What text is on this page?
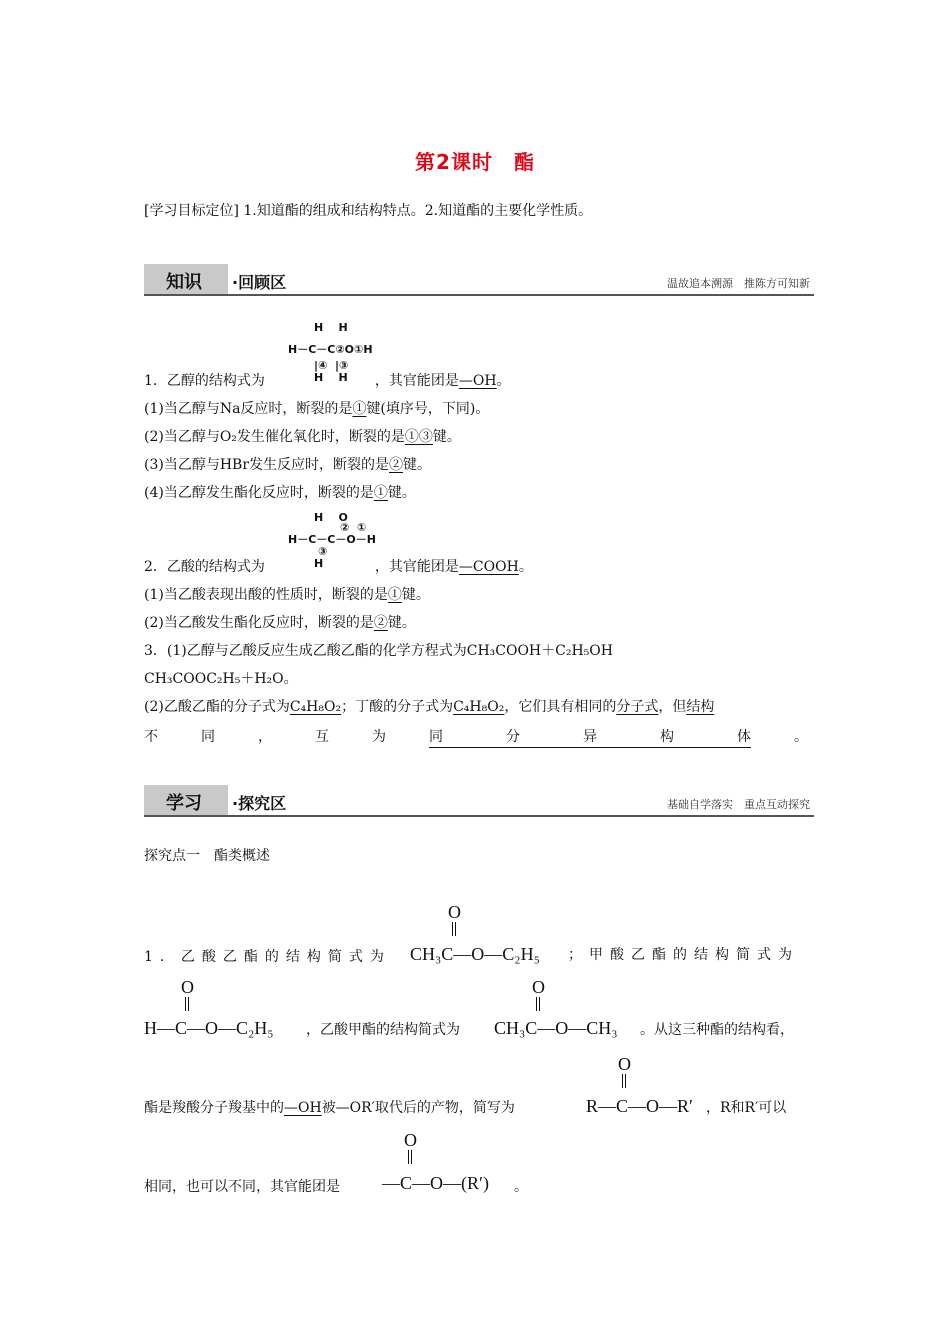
第2课时　酯
[学习目标定位] 1.知道酯的组成和结构特点。2.知道酯的主要化学性质。
知识 ·回顾区	温故追本溯源　推陈方可知新
H    H
H－C－C②O①H
|④  |③
H    H
1．乙醇的结构式为	，其官能团是—OH。
(1)当乙醇与Na反应时，断裂的是①键(填序号，下同)。
(2)当乙醇与O₂发生催化氧化时，断裂的是①③键。
(3)当乙醇与HBr发生反应时，断裂的是②键。
(4)当乙醇发生酯化反应时，断裂的是①键。
H    O
②  ①
H－C－C－O－H
③
H
2．乙酸的结构式为	，其官能团是—COOH。
(1)当乙酸表现出酸的性质时，断裂的是①键。
(2)当乙酸发生酯化反应时，断裂的是②键。
3．(1)乙醇与乙酸反应生成乙酸乙酯的化学方程式为CH₃COOH＋C₂H₅OH
CH₃COOC₂H₅＋H₂O。
(2)乙酸乙酯的分子式为C₄H₈O₂；丁酸的分子式为C₄H₈O₂，它们具有相同的分子式，但结构
不	同	，	互	为	同	分	异	构	体	。
学习 ·探究区	基础自学落实　重点互动探究
探究点一　酯类概述
1．乙酸乙酯的结构简式为 CH₃C—O—C₂H₅
O
；甲酸乙酯的结构简式为
O
H—C—O—C₂H₅ ，乙酸甲酯的结构简式为
O
CH₃C—O—CH₃ 。从这三种酯的结构看，
酯是羧酸分子羧基中的—OH被—OR′取代后的产物，简写为
O
R—C—O—R′ ，R和R′可以
相同，也可以不同，其官能团是
O
—C—O—(R′) 。
